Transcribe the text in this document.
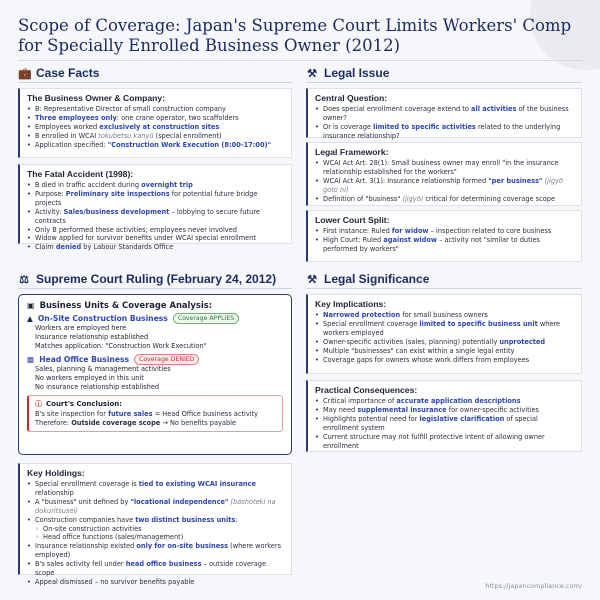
Scope of Coverage: Japan's Supreme Court Limits Workers' Comp for Specially Enrolled Business Owner (2012)
💼 Case Facts	⚒ Legal Issue
⚖ Supreme Court Ruling (February 24, 2012)	⚒ Legal Significance
The Business Owner & Company:
• B: Representative Director of small construction company
• Three employees only: one crane operator, two scaffolders
• Employees worked exclusively at construction sites
• B enrolled in WCAI tokubetsu kanyū (special enrollment)
• Application specified: "Construction Work Execution (8:00-17:00)"
The Fatal Accident (1998):
• B died in traffic accident during overnight trip
• Purpose: Preliminary site inspections for potential future bridge projects
• Activity: Sales/business development – lobbying to secure future contracts
• Only B performed these activities; employees never involved
• Widow applied for survivor benefits under WCAI special enrollment
• Claim denied by Labour Standards Office
Central Question:
• Does special enrollment coverage extend to all activities of the business owner?
• Or is coverage limited to specific activities related to the underlying insurance relationship?
Legal Framework:
• WCAI Act Art. 28(1): Small business owner may enroll "in the insurance relationship established for the workers"
• WCAI Act Art. 3(1): Insurance relationship formed "per business" (jigyō goto ni)
• Definition of "business" (jigyō) critical for determining coverage scope
Lower Court Split:
• First instance: Ruled for widow – inspection related to core business
• High Court: Ruled against widow – activity not "similar to duties performed by workers"
▣ Business Units & Coverage Analysis:
▲ On-Site Construction Business	Coverage APPLIES
Workers are employed here
Insurance relationship established
Matches application: "Construction Work Execution"
▩ Head Office Business	Coverage DENIED
Sales, planning & management activities
No workers employed in this unit
No insurance relationship established
ⓘ Court's Conclusion:

B's site inspection for future sales = Head Office business activity

Therefore: Outside coverage scope → No benefits payable

Key Holdings:
• Special enrollment coverage is tied to existing WCAI insurance relationship
• A "business" unit defined by "locational independence" (bashoteki na dokuritsusei)
• Construction companies have two distinct business units:
◦ On-site construction activities
◦ Head office functions (sales/management)
• Insurance relationship existed only for on-site business (where workers employed)
• B's sales activity fell under head office business – outside coverage scope
• Appeal dismissed – no survivor benefits payable
Key Implications:
• Narrowed protection for small business owners
• Special enrollment coverage limited to specific business unit where workers employed
• Owner-specific activities (sales, planning) potentially unprotected
• Multiple "businesses" can exist within a single legal entity
• Coverage gaps for owners whose work differs from employees
Practical Consequences:
• Critical importance of accurate application descriptions
• May need supplemental insurance for owner-specific activities
• Highlights potential need for legislative clarification of special enrollment system
• Current structure may not fulfill protective intent of allowing owner enrollment
https://japancompliance.com/
